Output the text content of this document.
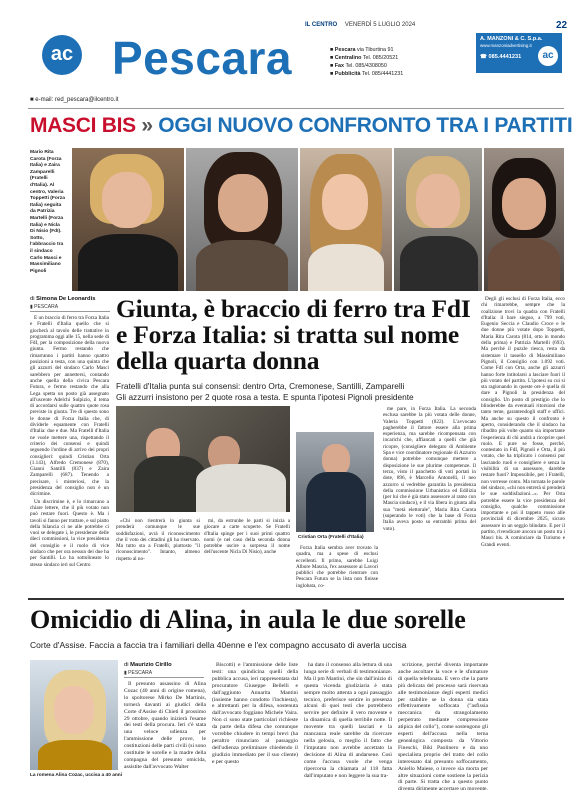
IL CENTRO VENERDÌ 5 LUGLIO 2024	22
ac Pescara	■ Pescara via Tiburtina 91
■ Centralino Tel. 085/20521
■ Fax Tel. 085/4308050
■ Pubblicità Tel. 085/4441231
A. MANZONI & C. S.p.a.
www.manzoniadvertising.it
☎ 085.4441231	ac
■ e-mail: red_pescara@ilcentro.it
MASCI BIS » OGGI NUOVO CONFRONTO TRA I PARTITI
Mario Rita Carota (Forza Italia) e Zaira Zamparelli (Fratelli d'Italia). Al centro, Valeria Toppetti (Forza Italia) seguita da Patrizia Martelli (Forza Italia) e Nicla Di Nisio (FdI). Sotto, l'abbraccio tra il sindaco Carlo Masci e Massimiliano Pignoli
di Simona De Leonardis
▮ PESCARA

È un braccio di ferro tra Forza Italia e Fratelli d'Italia quello che si giocherà al tavolo delle trattative in programma oggi alle 15, nella sede di FdI, per la composizione della nuova giunta. Fermo restando che rimarranno i partiti hanno quattro posizioni a testa, con una quinta che gli azzurri del sindaco Carlo Masci sarebbero per annettersi, contando anche quella della civica Pescara Futura, e fermo restando che alla Lega spetta un posto già assegnato all'uscente Adelchi Sulpizio, il tema di accordarsi sulle quattro quote rosa previste in giunta. Tre di questo sono le donne di Forza Italia che, di dividerle equamente con Fratelli d'Italia: due e due. Ma Fratelli d'Italia ne vuole mettere una, rispettando il criterio dei consensi e quindi seguendo l'ordine di arrivo dei propri consiglieri: quindi Cristian Orta (1.143), Alfredo Cremonese (870), Gianni Santilli (837) e Zaira Zamparelli (687). Tenendo a precisare, i misteriosi, che la presidenza del consiglio non è un dicrimine.

Un discrimine è, e lo rimarcano a chiare lettere, che il più votato non può restare fuori. Questo è. Ma i tavoli si fanno per trattare, e sul piatto della bilancia ci ne alle potrebbe ci vuoi se delegate i, le presidenze delle dieci commissioni, la vice presidenza del consiglio e il ruolo di vice sindaco che per ora nessun dei due ha per Santilli. Lo ha sottolineato lo stesso sindaco ieri sul Centro

Giunta, è braccio di ferro tra FdI e Forza Italia: si tratta sul nome della quarta donna
Fratelli d'Italia punta sui consensi: dentro Orta, Cremonese, Santilli, Zamparelli
Gli azzurri insistono per 2 quote rosa a testa. E spunta l'ipotesi Pignoli presidente
Cristian Orta (Fratelli d'Italia)

«Chi non rientrerà in giunta si prenderà comunque le sue soddisfazioni, avrà il riconoscimento che il voto dei cittadini gli ha riservato. Ma tutto sta a Fratelli, piuttosto "il riconoscimento". Intanto, almeno rispetto al no-

mi, da estrunbe le parti si inizia a giocare a carte scoperte. Se Fratelli d'Italia spinge per i suoi primi quattro nomi (e nel caso della seconda donna potrebbe uscire a sorpresa il nome dell'uscente Nicla Di Nisio), anche

Forza Italia sembra aver trovato la quadra, ma a spese di esclusi eccellenti. Il primo, sarebbe Luigi Albore Mascia, l'ex assessore ai Lavori pubblici che potrebbe rientrare con Pescara Futura se la lista non finisse inglobata, co-

me pare, in Forza Italia. La seconda esclusa sarebbe la più votata delle donne, Valeria Toppetti (822). L'avvocato pagherebbe il fattore essere alla prima esperienza, ma sarebbe ricompensata con incarichi che, affiancati a quelli che già ricopre, (consigliere delegato di Ambiente Spa e vice coordinatore regionale di Azzurro donna) potrebbe comunque mettere a disposizione le sue plurime competenze. Il terzo, visto il panchetto di voti portati in dote, 896, è Marcello Antonelli, il neo azzurro si vedrebbe garantita la presidenza della commissione Urbanistica ed Edilizia (per lui che è già stato assessore al ramo con Mascia sindaco), e il via libera in giunta alla sua "metà elettorale", Maria Rita Carota (superando le voti) che la base di Forza Italia aveva posto su entrambi prima del voto).

Degli gli esclusi di Forza Italia, ecco chi rimarrebbe, sempre che la coalizione trovi la quadra con Fratelli d'Italia: il bare sieguo, a 799 voti, Eugenio Seccia e Claudio Croce e le due donne più votate dopo Toppetti, Maria Rita Carota (814, otto in mondo della prima) e Patrizia Martelli (693). Ma perché il puzzle riesca, resta da sistemare il tassello di Massimiliano Pignoli, il Consiglio con 1.092 voti. Come FdI con Orta, anche gli azzurri hanno forte intitolarsi a lasciare fuori il più votato del partito. L'ipotesi su cui si sta ragionando in queste ore è quella di dare a Pignoli la presidenza del consiglio. Un posto di prestigio che lo blinderebbe da eventuali ritorsioni che tanto teme, garantendogli staff e uffici. Ma anche su questo il confronto è aperto, considerando che il sindaco ha ribadito più volte quanto sia importante l'esperienza di chi andrà a ricoprire quel ruolo. E pure se fosse, perché, contestato in FdI, Pignoli e Orta, il più votato, che ha triplicato i consensi pur lasciando ruoli e consigliere e senza la visibilità di un assessore, darebbe restare fuori? Impossibile, per i Fratelli, non vorresse conto. Ma tornata le parole del sindaco, «chi non entrerà si prenderà le sue soddisfazioni...». Per Orta potrebbe essere la vice presidenza del consiglio, qualche commissione importante e poi il tappeto rosso alle provinciali di dicembre 2025, sicuro assessore in un seggio blindato. E per il partito, rivendicare ancora un posto tra i Masci bis. A cominciare da Turismo e Grandi eventi.

Omicidio di Alina, in aula le due sorelle
Corte d'Assise. Faccia a faccia tra i familiari della 40enne e l'ex compagno accusato di averla uccisa
La romena Alina Cozac, uccisa a 40 anni
di Maurizio Cirillo
▮ PESCARA

Il presunto assassino di Alina Cozac (40 anni di origine romena), lo spoltorese Mirko De Martinis, tornerà davanti ai giudici della Corte d'Assise di Chieti il prossimo 29 ottobre, quando inizierà l'esame dei testi della procura. Ieri c'è stata una veloce udienza per l'ammissione delle prove, le costituzioni delle parti civili (si sono costituite le sorelle e la madre della compagna del presunto omicida, assistite dall'avvocato Walter

Biscotti) e l'ammissione delle liste testi: una quindicina quelli della pubblica accusa, ieri rappresentata dal procuratore Giuseppe Bellelli e dall'aggiunto Annarita Mantini (insieme hanno condotto l'inchiesta), e altrettanti per la difesa, sostenuta dall'avvocato foggiano Michele Vaira. Non ci sono state particolari richieste da parte della difesa che comunque vorrebbe chiudere in tempi brevi (ha peraltro rinunciato al passaggio dell'udienza preliminare chiedendo il giudizio immediato per il suo cliente) e per questo

ha dato il consenso alla lettura di una lunga serie di verbali di testimonianze. Ma il pm Mantini, che sin dall'inizio di questa vicenda giudiziaria è stata sempre molto attenta a ogni passaggio tecnico, preferisce sentire in presenza alcuni di quei testi che potrebbero servire per definire il vero movente e la dinamica di quella terribile notte. Il movente tra quelli lasciati e la mancanza reale sarebbe da ricercare nella gelosia, o meglio il fatto che l'imputato non avrebbe accettato la decisione di Alina di andarsene. Così come l'accusa vuole che venga ripercorsa la chiamata al 118 fatta dall'imputato e non leggere la sua tra-

scrizione, perché diventa importante anche ascoltare la voce e le sfumature di quella telefonata. E vero che la parte più delicata del processo sarà riservata alle testimonianze degli esperti medici per stabilire se la donna sia stata effettivamente soffocata ("asfissia meccanica da strangolamento perpetrato mediante compressione atipica del collo"), come sostengono gli esperti dell'accusa nella terna genealogica composta da Vittorio Fineschi, Biki Paolinero e da uno specialista proprio del tratto del collo interessato dal presunto soffocamento, Aniello Maiese, o invece sia morta per altre situazioni come sostiene la perizia di parte. Si tratta che a questo punto diventa dirimente accertare un movente.
